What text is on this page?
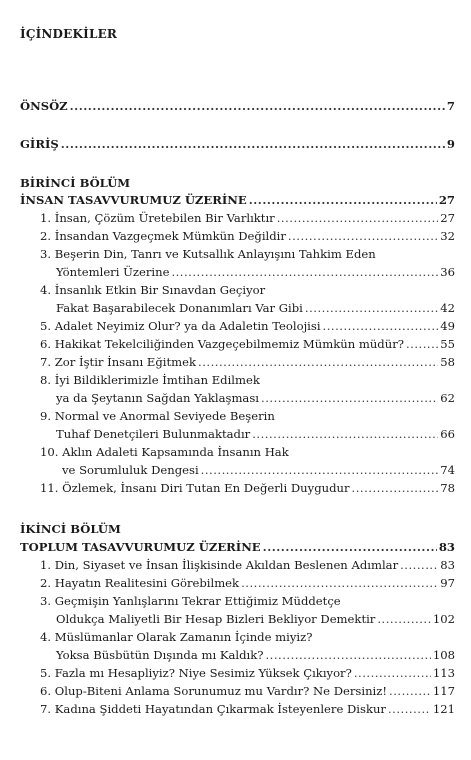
İÇİNDEKİLER
ÖNSÖZ .....	7
GİRİŞ .....	9
BİRİNCİ BÖLÜM
İNSAN TASAVVURUMUZ ÜZERİNE .....	27
1. İnsan, Çözüm Üretebilen Bir Varlıktır .....	27
2. İnsandan Vazgeçmek Mümkün Değildir .....	32
3. Beşerin Din, Tanrı ve Kutsallık Anlayışını Tahkim Eden
Yöntemleri Üzerine .....	36
4. İnsanlık Etkin Bir Sınavdan Geçiyor
Fakat Başarabilecek Donanımları Var Gibi .....	42
5. Adalet Neyimiz Olur? ya da Adaletin Teolojisi .....	49
6. Hakikat Tekelciliğinden Vazgeçebilmemiz Mümkün müdür? .....	55
7. Zor İştir İnsanı Eğitmek .....	58
8. İyi Bildiklerimizle İmtihan Edilmek
ya da Şeytanın Sağdan Yaklaşması .....	62
9. Normal ve Anormal Seviyede Beşerin
Tuhaf Denetçileri Bulunmaktadır .....	66
10. Aklın Adaleti Kapsamında İnsanın Hak
ve Sorumluluk Dengesi .....	74
11. Özlemek, İnsanı Diri Tutan En Değerli Duygudur .....	78
İKİNCİ BÖLÜM
TOPLUM TASAVVURUMUZ ÜZERİNE .....	83
1. Din, Siyaset ve İnsan İlişkisinde Akıldan Beslenen Adımlar .....	83
2. Hayatın Realitesini Görebilmek .....	97
3. Geçmişin Yanlışlarını Tekrar Ettiğimiz Müddetçe
Oldukça Maliyetli Bir Hesap Bizleri Bekliyor Demektir .....	102
4. Müslümanlar Olarak Zamanın İçinde miyiz?
Yoksa Büsbütün Dışında mı Kaldık? .....	108
5. Fazla mı Hesapliyiz? Niye Sesimiz Yüksek Çıkıyor? .....	113
6. Olup-Biteni Anlama Sorunumuz mu Vardır? Ne Dersiniz! .....	117
7. Kadına Şiddeti Hayatından Çıkarmak İsteyenlere Diskur .....	121
